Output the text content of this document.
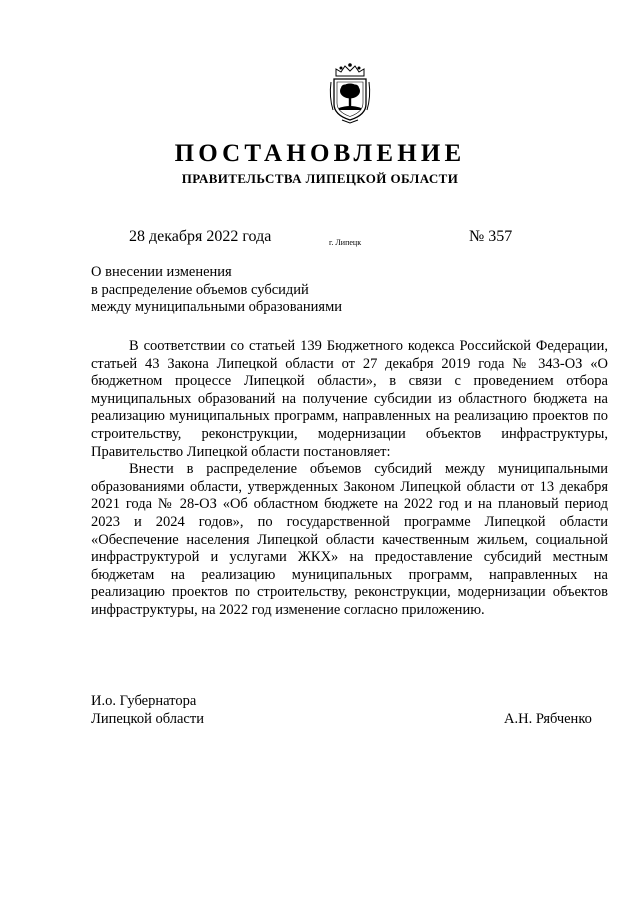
ПОСТАНОВЛЕНИЕ
ПРАВИТЕЛЬСТВА ЛИПЕЦКОЙ ОБЛАСТИ
28 декабря 2022 года	г. Липецк	№ 357
О внесении изменения
в распределение объемов субсидий
между муниципальными образованиями

В соответствии со статьей 139 Бюджетного кодекса Российской Федерации, статьей 43 Закона Липецкой области от 27 декабря 2019 года № 343-ОЗ «О бюджетном процессе Липецкой области», в связи с проведением отбора муниципальных образований на получение субсидии из областного бюджета на реализацию муниципальных программ, направленных на реализацию проектов по строительству, реконструкции, модернизации объектов инфраструктуры, Правительство Липецкой области постановляет:

Внести в распределение объемов субсидий между муниципальными образованиями области, утвержденных Законом Липецкой области от 13 декабря 2021 года № 28-ОЗ «Об областном бюджете на 2022 год и на плановый период 2023 и 2024 годов», по государственной программе Липецкой области «Обеспечение населения Липецкой области качественным жильем, социальной инфраструктурой и услугами ЖКХ» на предоставление субсидий местным бюджетам на реализацию муниципальных программ, направленных на реализацию проектов по строительству, реконструкции, модернизации объектов инфраструктуры, на 2022 год изменение согласно приложению.

И.о. Губернатора
Липецкой области	А.Н. Рябченко
